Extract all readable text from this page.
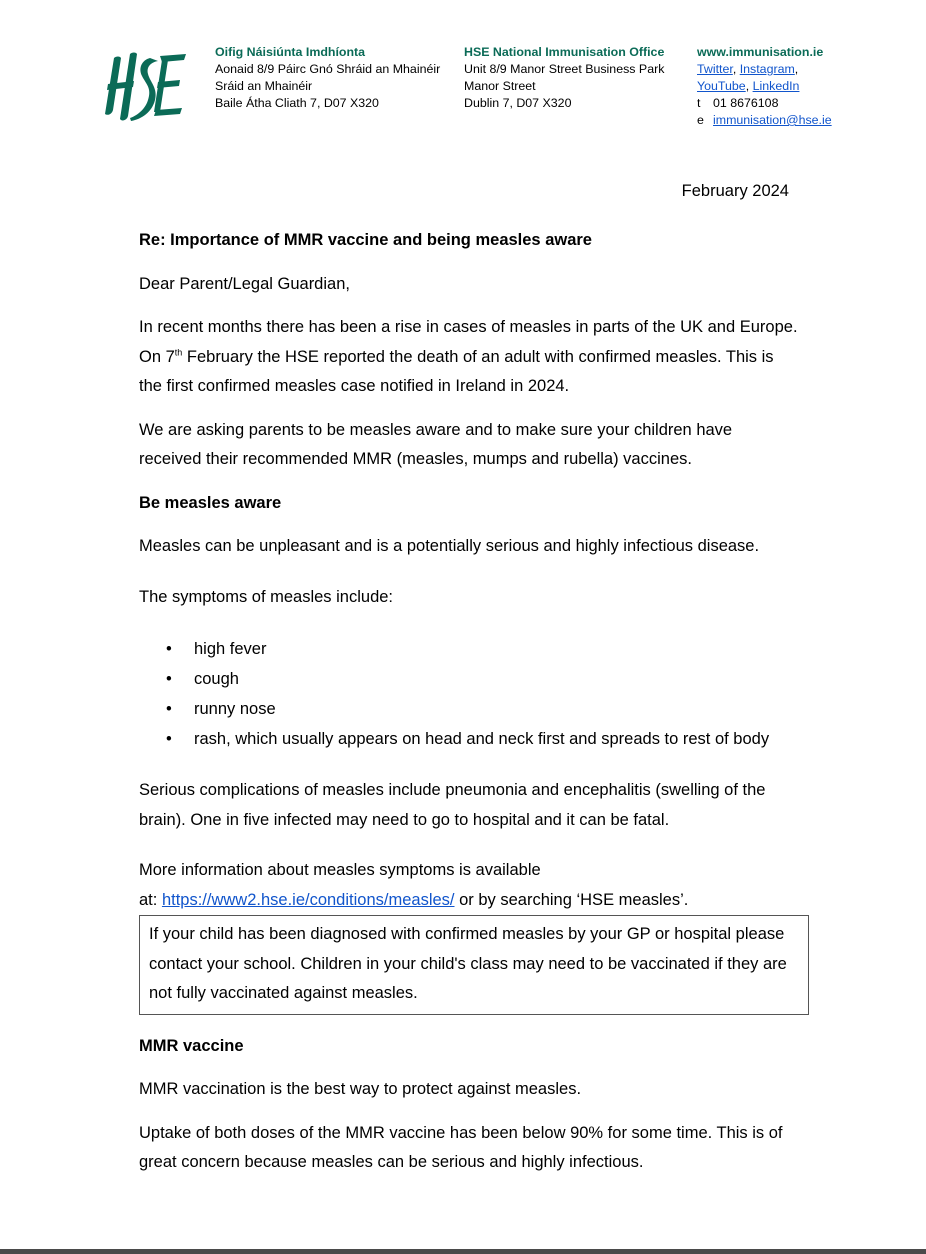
Oifig Náisiúnta Imdhíonta
Aonaid 8/9 Páirc Gnó Shráid an Mhainéir
Sráid an Mhainéir
Baile Átha Cliath 7, D07 X320
HSE National Immunisation Office
Unit 8/9 Manor Street Business Park
Manor Street
Dublin 7, D07 X320
www.immunisation.ie
Twitter, Instagram,
YouTube, LinkedIn
t 01 8676108
e immunisation@hse.ie
February 2024

Re: Importance of MMR vaccine and being measles aware

Dear Parent/Legal Guardian,

In recent months there has been a rise in cases of measles in parts of the UK and Europe. On 7th February the HSE reported the death of an adult with confirmed measles. This is the first confirmed measles case notified in Ireland in 2024.

We are asking parents to be measles aware and to make sure your children have received their recommended MMR (measles, mumps and rubella) vaccines.

Be measles aware

Measles can be unpleasant and is a potentially serious and highly infectious disease.

The symptoms of measles include:

• high fever
• cough
• runny nose
• rash, which usually appears on head and neck first and spreads to rest of body

Serious complications of measles include pneumonia and encephalitis (swelling of the brain). One in five infected may need to go to hospital and it can be fatal.

More information about measles symptoms is available
at: https://www2.hse.ie/conditions/measles/ or by searching ‘HSE measles’.

If your child has been diagnosed with confirmed measles by your GP or hospital please contact your school. Children in your child's class may need to be vaccinated if they are not fully vaccinated against measles.

MMR vaccine

MMR vaccination is the best way to protect against measles.

Uptake of both doses of the MMR vaccine has been below 90% for some time. This is of great concern because measles can be serious and highly infectious.
